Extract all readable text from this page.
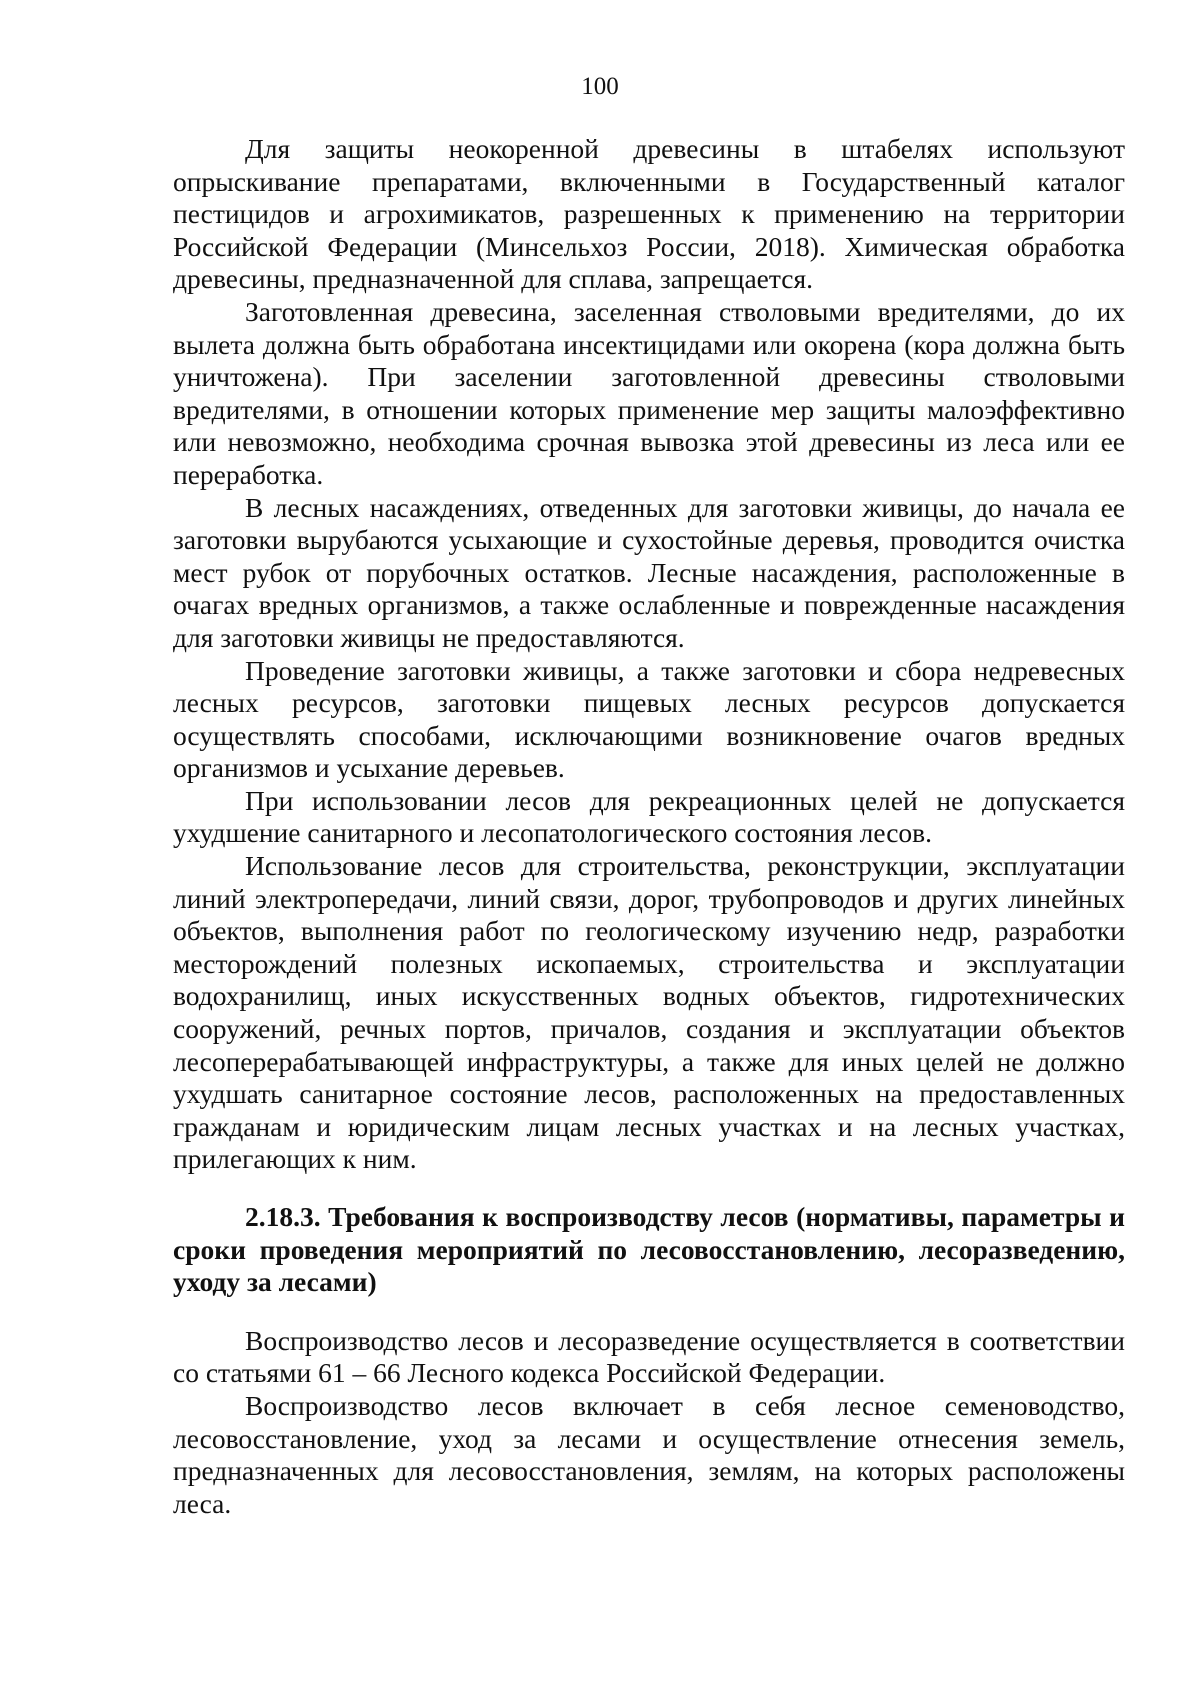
100

Для защиты неокоренной древесины в штабелях используют опрыскивание препаратами, включенными в Государственный каталог пестицидов и агрохимикатов, разрешенных к применению на территории Российской Федерации (Минсельхоз России, 2018). Химическая обработка древесины, предназначенной для сплава, запрещается.

Заготовленная древесина, заселенная стволовыми вредителями, до их вылета должна быть обработана инсектицидами или окорена (кора должна быть уничтожена). При заселении заготовленной древесины стволовыми вредителями, в отношении которых применение мер защиты малоэффективно или невозможно, необходима срочная вывозка этой древесины из леса или ее переработка.

В лесных насаждениях, отведенных для заготовки живицы, до начала ее заготовки вырубаются усыхающие и сухостойные деревья, проводится очистка мест рубок от порубочных остатков. Лесные насаждения, расположенные в очагах вредных организмов, а также ослабленные и поврежденные насаждения для заготовки живицы не предоставляются.

Проведение заготовки живицы, а также заготовки и сбора недревесных лесных ресурсов, заготовки пищевых лесных ресурсов допускается осуществлять способами, исключающими возникновение очагов вредных организмов и усыхание деревьев.

При использовании лесов для рекреационных целей не допускается ухудшение санитарного и лесопатологического состояния лесов.

Использование лесов для строительства, реконструкции, эксплуатации линий электропередачи, линий связи, дорог, трубопроводов и других линейных объектов, выполнения работ по геологическому изучению недр, разработки месторождений полезных ископаемых, строительства и эксплуатации водохранилищ, иных искусственных водных объектов, гидротехнических сооружений, речных портов, причалов, создания и эксплуатации объектов лесоперерабатывающей инфраструктуры, а также для иных целей не должно ухудшать санитарное состояние лесов, расположенных на предоставленных гражданам и юридическим лицам лесных участках и на лесных участках, прилегающих к ним.

2.18.3. Требования к воспроизводству лесов (нормативы, параметры и сроки проведения мероприятий по лесовосстановлению, лесоразведению, уходу за лесами)

Воспроизводство лесов и лесоразведение осуществляется в соответствии со статьями 61 – 66 Лесного кодекса Российской Федерации.

Воспроизводство лесов включает в себя лесное семеноводство, лесовосстановление, уход за лесами и осуществление отнесения земель, предназначенных для лесовосстановления, землям, на которых расположены леса.
